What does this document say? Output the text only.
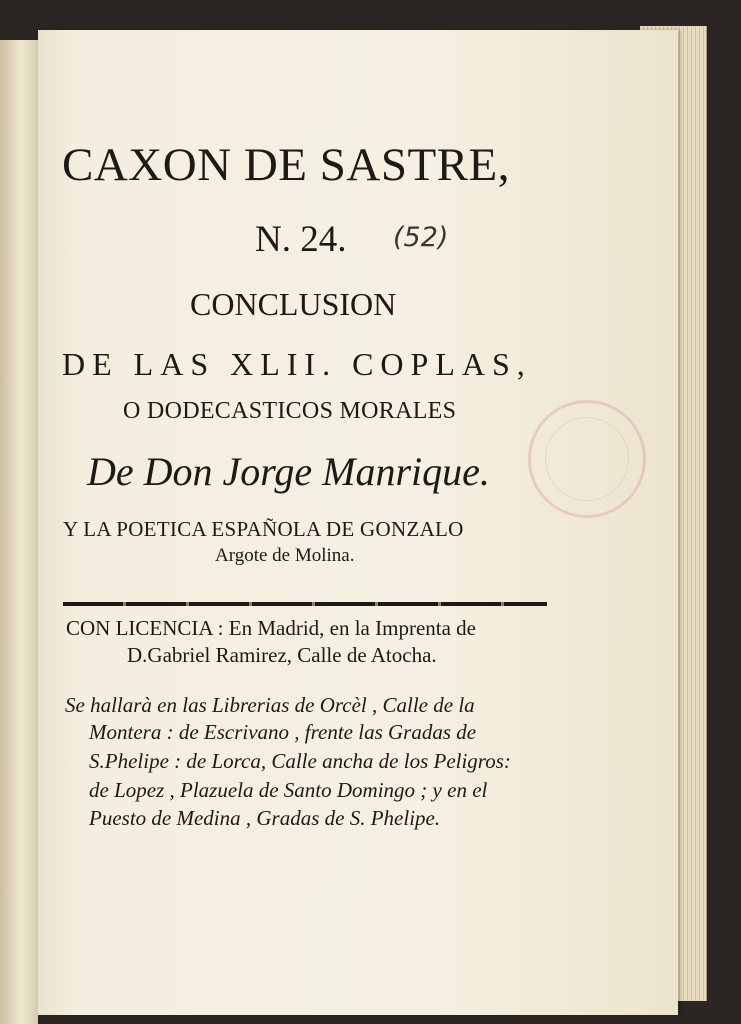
CAXON DE SASTRE,
N. 24. (52)
CONCLUSION
DE LAS XLII. COPLAS,
O DODECASTICOS MORALES
De Don Jorge Manrique.
Y LA POETICA ESPAÑOLA DE GONZALO
Argote de Molina.
CON LICENCIA : En Madrid, en la Imprenta de
D.Gabriel Ramirez, Calle de Atocha.
Se hallarà en las Librerias de Orcèl , Calle de la
Montera : de Escrivano , frente las Gradas de
S.Phelipe : de Lorca, Calle ancha de los Peligros:
de Lopez , Plazuela de Santo Domingo ; y en el
Puesto de Medina , Gradas de S. Phelipe.
